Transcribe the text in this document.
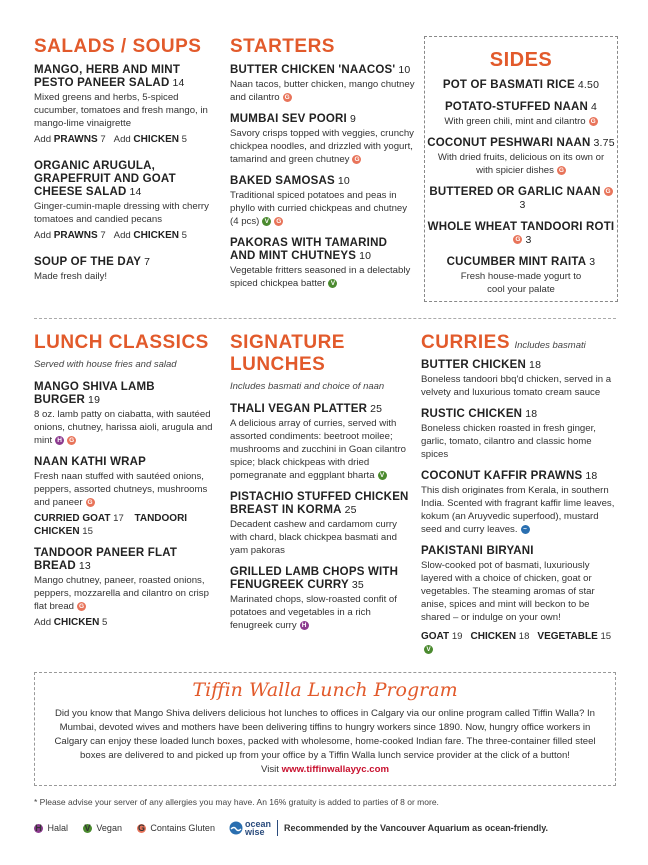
SALADS / SOUPS
MANGO, HERB AND MINT PESTO PANEER SALAD 14
Mixed greens and herbs, 5-spiced cucumber, tomatoes and fresh mango, in mango-lime vinaigrette
Add PRAWNS 7 Add CHICKEN 5
ORGANIC ARUGULA, GRAPEFRUIT AND GOAT CHEESE SALAD 14
Ginger-cumin-maple dressing with cherry tomatoes and candied pecans
Add PRAWNS 7 Add CHICKEN 5
SOUP OF THE DAY 7
Made fresh daily!
STARTERS
BUTTER CHICKEN 'NAACOS' 10
Naan tacos, butter chicken, mango chutney and cilantro G
MUMBAI SEV POORI 9
Savory crisps topped with veggies, crunchy chickpea noodles, and drizzled with yogurt, tamarind and green chutney G
BAKED SAMOSAS 10
Traditional spiced potatoes and peas in phyllo with curried chickpeas and chutney (4 pcs) V G
PAKORAS WITH TAMARIND AND MINT CHUTNEYS 10
Vegetable fritters seasoned in a delectably spiced chickpea batter V
SIDES
POT OF BASMATI RICE 4.50
POTATO-STUFFED NAAN 4
With green chili, mint and cilantro G
COCONUT PESHWARI NAAN 3.75
With dried fruits, delicious on its own or with spicier dishes G
BUTTERED OR GARLIC NAAN G3
WHOLE WHEAT TANDOORI ROTIG 3
CUCUMBER MINT RAITA 3
Fresh house-made yogurt to cool your palate
LUNCH CLASSICS
Served with house fries and salad
MANGO SHIVA LAMB BURGER 19
8 oz. lamb patty on ciabatta, with sautéed onions, chutney, harissa aioli, arugula and mint H G
NAAN KATHI WRAP
Fresh naan stuffed with sautéed onions, peppers, assorted chutneys, mushrooms and paneer G
CURRIED GOAT 17 TANDOORI CHICKEN 15
TANDOOR PANEER FLAT BREAD 13
Mango chutney, paneer, roasted onions, peppers, mozzarella and cilantro on crisp flat bread G
Add CHICKEN 5
SIGNATURE LUNCHES
Includes basmati and choice of naan
THALI VEGAN PLATTER 25
A delicious array of curries, served with assorted condiments: beetroot moilee; mushrooms and zucchini in Goan cilantro spice; black chickpeas with dried pomegranate and eggplant bharta V
PISTACHIO STUFFED CHICKEN BREAST IN KORMA 25
Decadent cashew and cardamom curry with chard, black chickpea basmati and yam pakoras
GRILLED LAMB CHOPS WITH FENUGREEK CURRY 35
Marinated chops, slow-roasted confit of potatoes and vegetables in a rich fenugreek curry H
CURRIES Includes basmati
BUTTER CHICKEN 18
Boneless tandoori bbq'd chicken, served in a velvety and luxurious tomato cream sauce
RUSTIC CHICKEN 18
Boneless chicken roasted in fresh ginger, garlic, tomato, cilantro and classic home spices
COCONUT KAFFIR PRAWNS 18
This dish originates from Kerala, in southern India. Scented with fragrant kaffir lime leaves, kokum (an Aruyvedic superfood), mustard seed and curry leaves. ~
PAKISTANI BIRYANI
Slow-cooked pot of basmati, luxuriously layered with a choice of chicken, goat or vegetables. The steaming aromas of star anise, spices and mint will beckon to be shared – or indulge on your own!
GOAT 19 CHICKEN 18 VEGETABLE 15V
Tiffin Walla Lunch Program
Did you know that Mango Shiva delivers delicious hot lunches to offices in Calgary via our online program called Tiffin Walla? In Mumbai, devoted wives and mothers have been delivering tiffins to hungry workers since 1890. Now, hungry office workers in Calgary can enjoy these loaded lunch boxes, packed with wholesome, home-cooked Indian fare. The three-container filled steel boxes are delivered to and picked up from your office by a Tiffin Walla lunch service provider at the click of a button!
Visit www.tiffinwallayyc.com
* Please advise your server of any allergies you may have. An 16% gratuity is added to parties of 8 or more.
H
Halal V
Vegan G
Contains Gluten	ocean
wise	Recommended by the Vancouver Aquarium as ocean-friendly.
